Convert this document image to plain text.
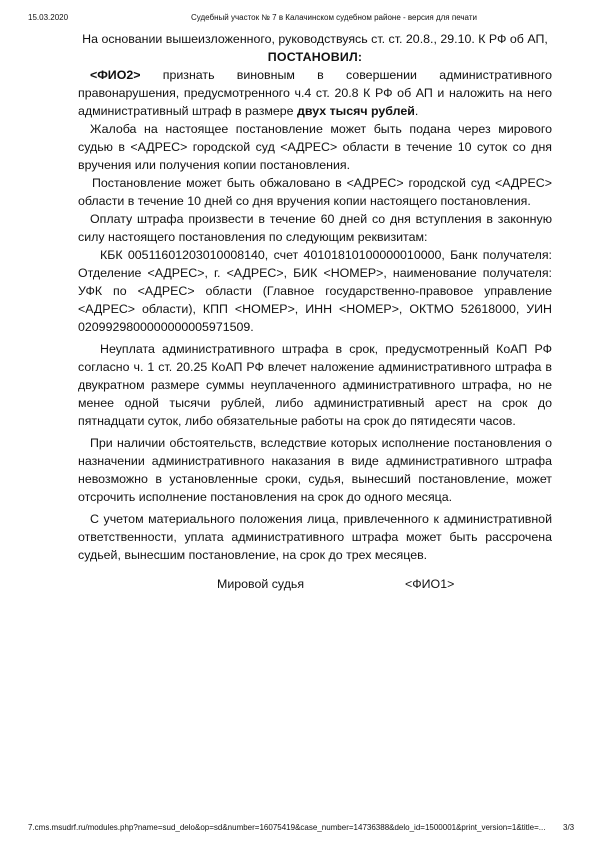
15.03.2020	Судебный участок № 7 в Калачинском судебном районе - версия для печати

На основании вышеизложенного, руководствуясь ст. ст. 20.8., 29.10. К РФ об АП,

ПОСТАНОВИЛ:

<ФИО2> признать виновным в совершении административного правонарушения, предусмотренного ч.4 ст. 20.8 К РФ об АП и наложить на него административный штраф в размере двух тысяч рублей.

Жалоба на настоящее постановление может быть подана через мирового судью в <АДРЕС> городской суд <АДРЕС> области в течение 10 суток со дня вручения или получения копии постановления.

Постановление может быть обжаловано в <АДРЕС> городской суд <АДРЕС> области в течение 10 дней со дня вручения копии настоящего постановления.

Оплату штрафа произвести в течение 60 дней со дня вступления в законную силу настоящего постановления по следующим реквизитам:

КБК 00511601203010008140, счет 40101810100000010000, Банк получателя: Отделение <АДРЕС>, г. <АДРЕС>, БИК <НОМЕР>, наименование получателя: УФК по <АДРЕС> области (Главное государственно-правовое управление <АДРЕС> области), КПП <НОМЕР>, ИНН <НОМЕР>, ОКТМО 52618000, УИН 0209929800000000005971509.

Неуплата административного штрафа в срок, предусмотренный КоАП РФ согласно ч. 1 ст. 20.25 КоАП РФ влечет наложение административного штрафа в двукратном размере суммы неуплаченного административного штрафа, но не менее одной тысячи рублей, либо административный арест на срок до пятнадцати суток, либо обязательные работы на срок до пятидесяти часов.

При наличии обстоятельств, вследствие которых исполнение постановления о назначении административного наказания в виде административного штрафа невозможно в установленные сроки, судья, вынесший постановление, может отсрочить исполнение постановления на срок до одного месяца.

С учетом материального положения лица, привлеченного к административной ответственности, уплата административного штрафа может быть рассрочена судьей, вынесшим постановление, на срок до трех месяцев.

Мировой судья	<ФИО1>
7.cms.msudrf.ru/modules.php?name=sud_delo&op=sd&number=16075419&case_number=14736388&delo_id=1500001&print_version=1&title=...	3/3
